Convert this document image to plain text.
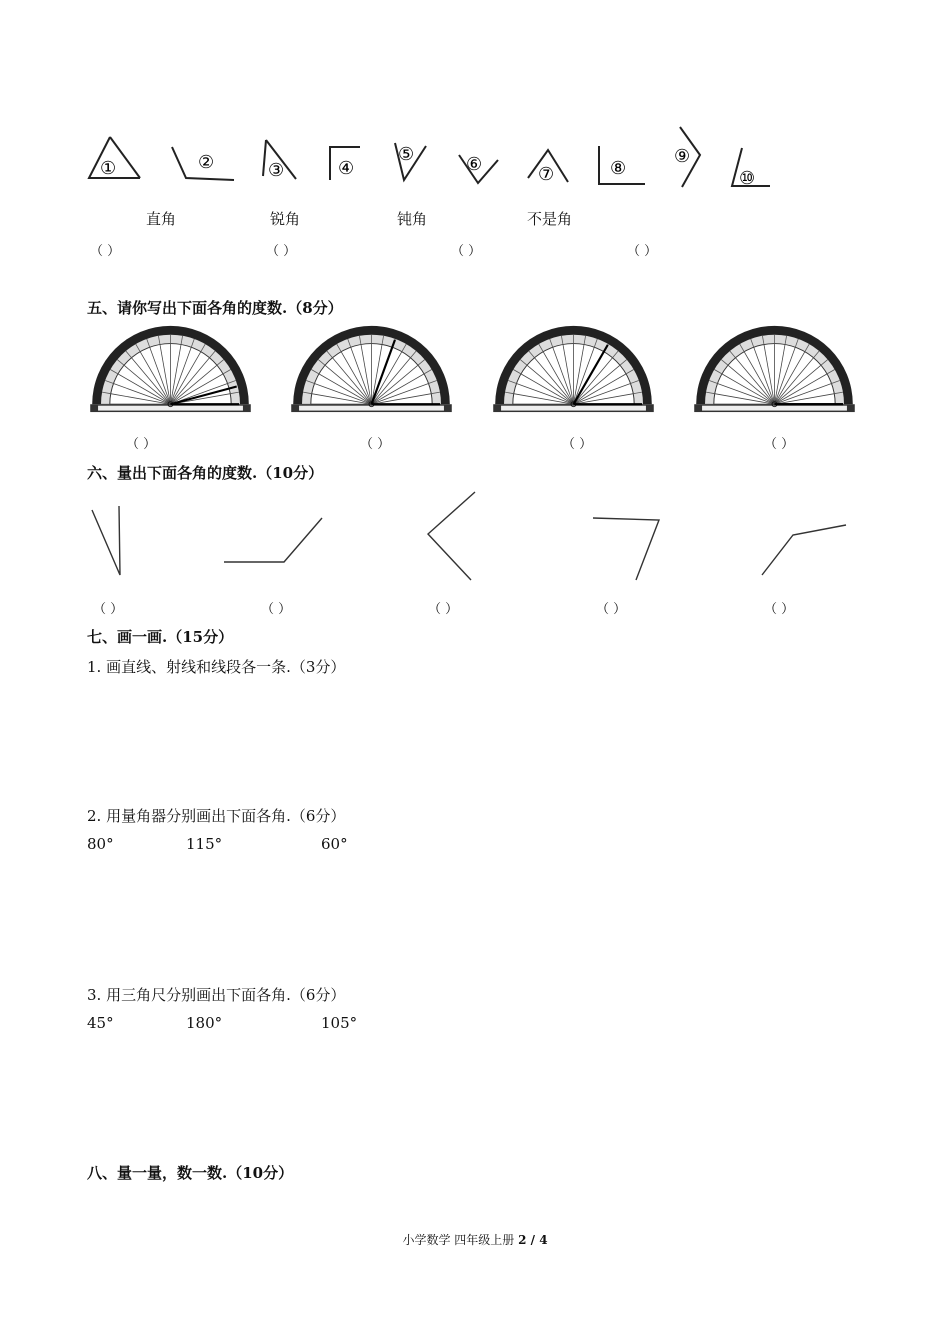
①	②	③	④
⑤	⑥	⑦	⑧
⑨
⑩
直角	锐角	钝角	不是角
（ ）	（ ）	（ ）	（ ）
五、请你写出下面各角的度数.（8分）
（ ）	（ ）	（ ）	（ ）
六、量出下面各角的度数.（10分）
（ ）	（ ）	（ ）	（ ）	（ ）
七、画一画.（15分）
1. 画直线、射线和线段各一条.（3分）
2. 用量角器分别画出下面各角.（6分）
80°	115°	60°
3. 用三角尺分别画出下面各角.（6分）
45°	180°	105°
八、量一量，数一数.（10分）
小学数学 四年级上册 2 / 4
